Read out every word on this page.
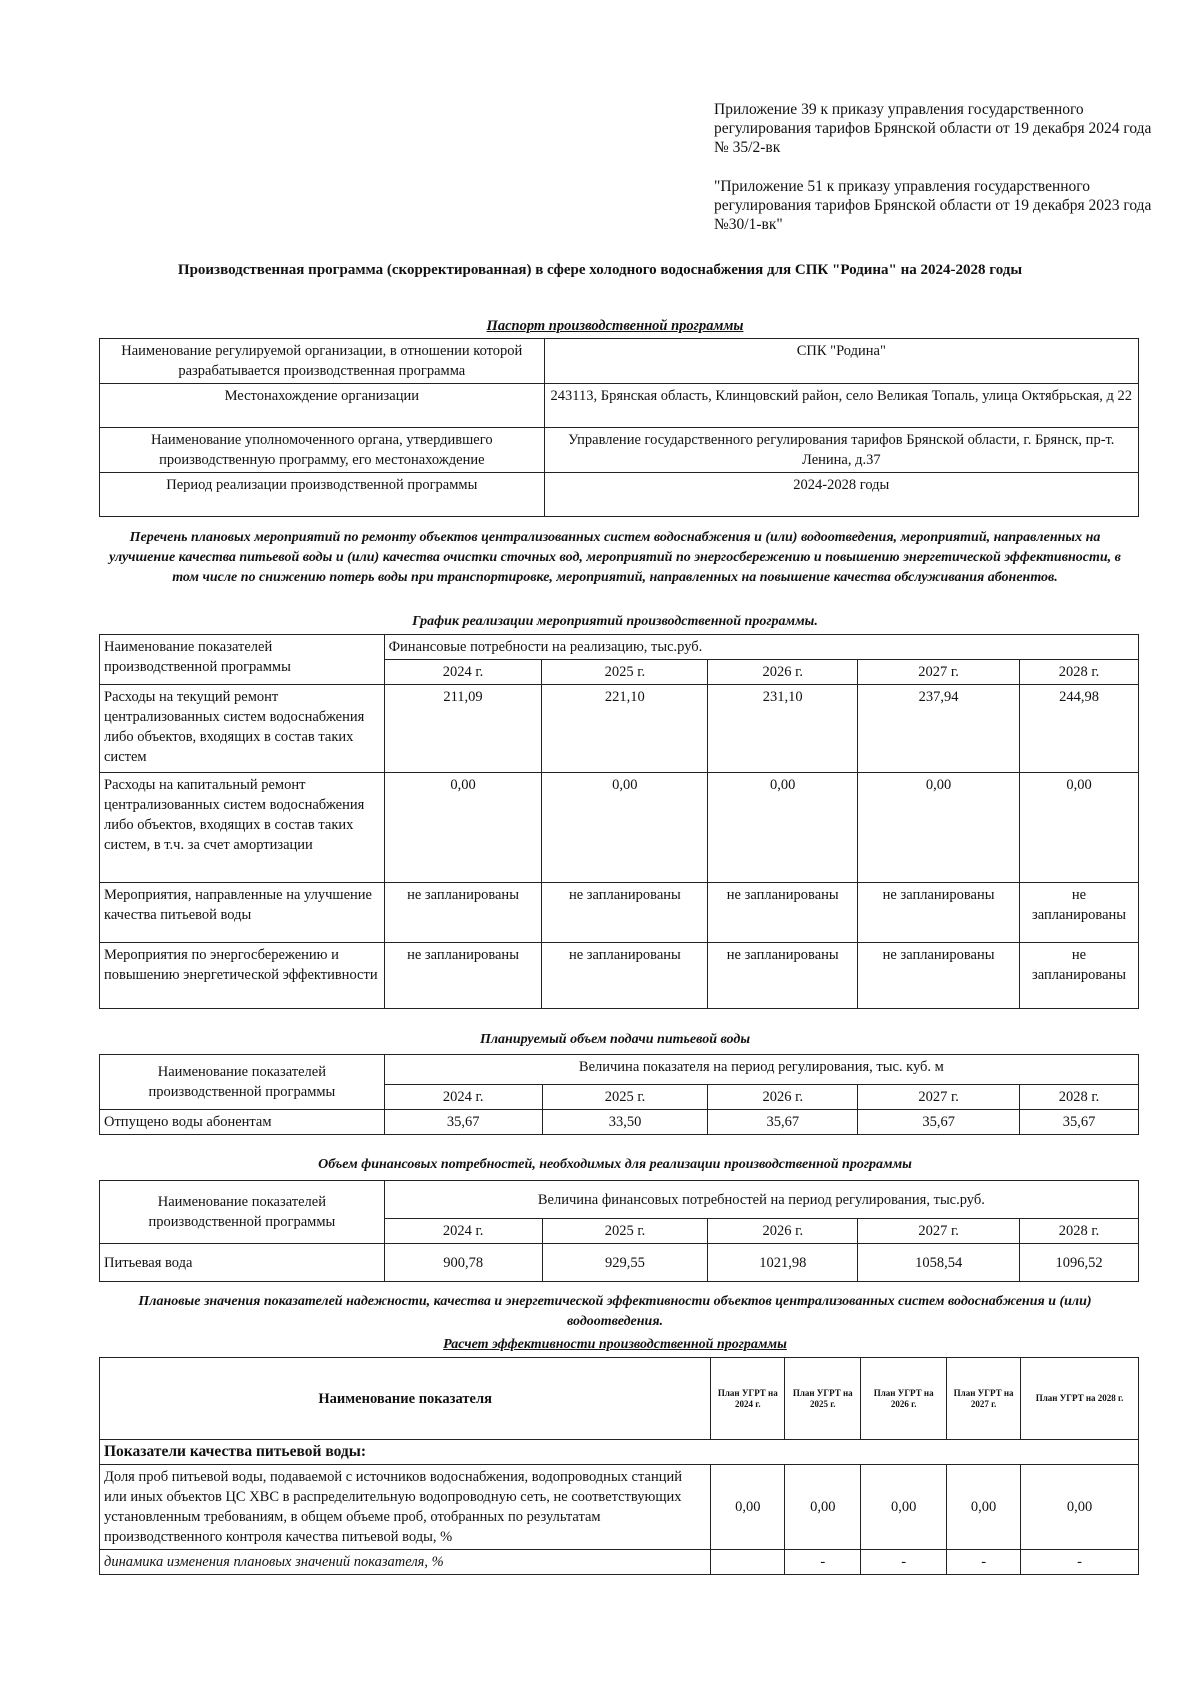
Приложение 39 к приказу управления государственного регулирования тарифов Брянской области от 19 декабря 2024 года № 35/2-вк

"Приложение 51 к приказу управления государственного регулирования тарифов Брянской области от 19 декабря 2023 года №30/1-вк"

Производственная программа (скорректированная) в сфере холодного водоснабжения для СПК "Родина" на 2024-2028 годы
Паспорт производственной программы
Наименование регулируемой организации, в отношении которой разрабатывается производственная программа	СПК "Родина"
Местонахождение организации	243113, Брянская область, Клинцовский район, село Великая Топаль, улица Октябрьская, д 22
Наименование уполномоченного органа, утвердившего производственную программу, его местонахождение	Управление государственного регулирования тарифов Брянской области, г. Брянск, пр-т. Ленина, д.37
Период реализации производственной программы	2024-2028 годы
Перечень плановых мероприятий по ремонту объектов централизованных систем водоснабжения и (или) водоотведения, мероприятий, направленных на улучшение качества питьевой воды и (или) качества очистки сточных вод, мероприятий по энергосбережению и повышению энергетической эффективности, в том числе по снижению потерь воды при транспортировке, мероприятий, направленных на повышение качества обслуживания абонентов.
График реализации мероприятий производственной программы.
Наименование показателей производственной программы	Финансовые потребности на реализацию, тыс.руб.				
	2024 г.	2025 г.	2026 г.	2027 г.	2028 г.
Расходы на текущий ремонт централизованных систем водоснабжения либо объектов, входящих в состав таких систем	211,09	221,10	231,10	237,94	244,98
Расходы на капитальный ремонт централизованных систем водоснабжения либо объектов, входящих в состав таких систем, в т.ч. за счет амортизации	0,00	0,00	0,00	0,00	0,00
Мероприятия, направленные на улучшение качества питьевой воды	не запланированы	не запланированы	не запланированы	не запланированы	не запланированы
Мероприятия по энергосбережению и повышению энергетической эффективности	не запланированы	не запланированы	не запланированы	не запланированы	не запланированы
Планируемый объем подачи питьевой воды
Наименование показателей производственной программы	Величина показателя на период регулирования, тыс. куб. м				
	2024 г.	2025 г.	2026 г.	2027 г.	2028 г.
Отпущено воды абонентам	35,67	33,50	35,67	35,67	35,67
Объем финансовых потребностей, необходимых для реализации производственной программы
Наименование показателей производственной программы	Величина финансовых потребностей на период регулирования, тыс.руб.				
	2024 г.	2025 г.	2026 г.	2027 г.	2028 г.
Питьевая вода	900,78	929,55	1021,98	1058,54	1096,52
Плановые значения показателей надежности, качества и энергетической эффективности объектов централизованных систем водоснабжения и (или) водоотведения.
Расчет эффективности производственной программы
Наименование показателя	План УГРТ на 2024 г.	План УГРТ на 2025 г.	План УГРТ на 2026 г.	План УГРТ на 2027 г.	План УГРТ на 2028 г.
Показатели качества питьевой воды:					
Доля проб питьевой воды, подаваемой с источников водоснабжения, водопроводных станций или иных объектов ЦС ХВС в распределительную водопроводную сеть, не соответствующих установленным требованиям, в общем объеме проб, отобранных по результатам производственного контроля качества питьевой воды, %	0,00	0,00	0,00	0,00	0,00
динамика изменения плановых значений показателя, %		-	-	-	-
